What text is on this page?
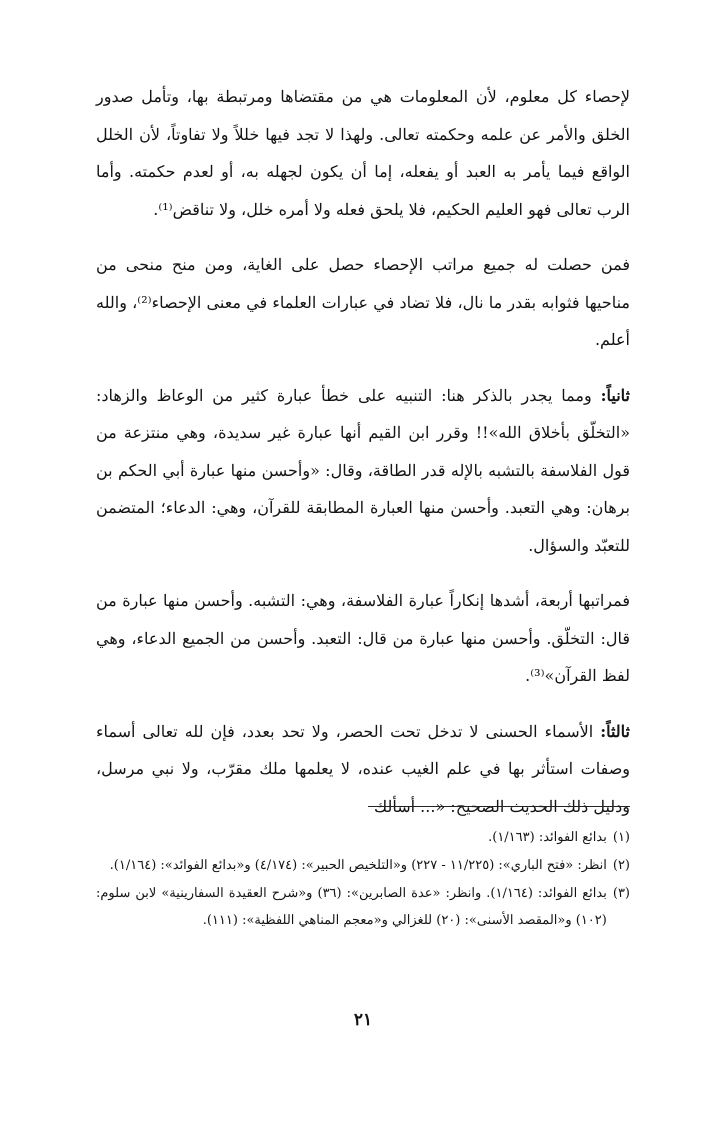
لإحصاء كل معلوم، لأن المعلومات هي من مقتضاها ومرتبطة بها، وتأمل صدور الخلق والأمر عن علمه وحكمته تعالى. ولهذا لا تجد فيها خللاً ولا تفاوتاً، لأن الخلل الواقع فيما يأمر به العبد أو يفعله، إما أن يكون لجهله به، أو لعدم حكمته. وأما الرب تعالى فهو العليم الحكيم، فلا يلحق فعله ولا أمره خلل، ولا تناقض⁽¹⁾.

فمن حصلت له جميع مراتب الإحصاء حصل على الغاية، ومن منح منحى من مناحيها فثوابه بقدر ما نال، فلا تضاد في عبارات العلماء في معنى الإحصاء⁽²⁾، والله أعلم.

ثانياً: ومما يجدر بالذكر هنا: التنبيه على خطأ عبارة كثير من الوعاظ والزهاد: «التخلّق بأخلاق الله»!! وقرر ابن القيم أنها عبارة غير سديدة، وهي منتزعة من قول الفلاسفة بالتشبه بالإله قدر الطاقة، وقال: «وأحسن منها عبارة أبي الحكم بن برهان: وهي التعبد. وأحسن منها العبارة المطابقة للقرآن، وهي: الدعاء؛ المتضمن للتعبّد والسؤال.

فمراتبها أربعة، أشدها إنكاراً عبارة الفلاسفة، وهي: التشبه. وأحسن منها عبارة من قال: التخلّق. وأحسن منها عبارة من قال: التعبد. وأحسن من الجميع الدعاء، وهي لفظ القرآن»⁽³⁾.

ثالثاً: الأسماء الحسنى لا تدخل تحت الحصر، ولا تحد بعدد، فإن لله تعالى أسماء وصفات استأثر بها في علم الغيب عنده، لا يعلمها ملك مقرّب، ولا نبي مرسل، ودليل ذلك الحديث الصحيح: «... أسألك

(١)
بدائع الفوائد: (١/١٦٣).
(٢)
انظر: «فتح الباري»: (١١/٢٢٥ - ٢٢٧) و«التلخيص الحبير»: (٤/١٧٤) و«بدائع الفوائد»: (١/١٦٤).
(٣)
بدائع الفوائد: (١/١٦٤). وانظر: «عدة الصابرين»: (٣٦) و«شرح العقيدة السفارينية» لابن سلوم: (١٠٢) و«المقصد الأسنى»: (٢٠) للغزالي و«معجم المناهي اللفظية»: (١١١).
٢١
